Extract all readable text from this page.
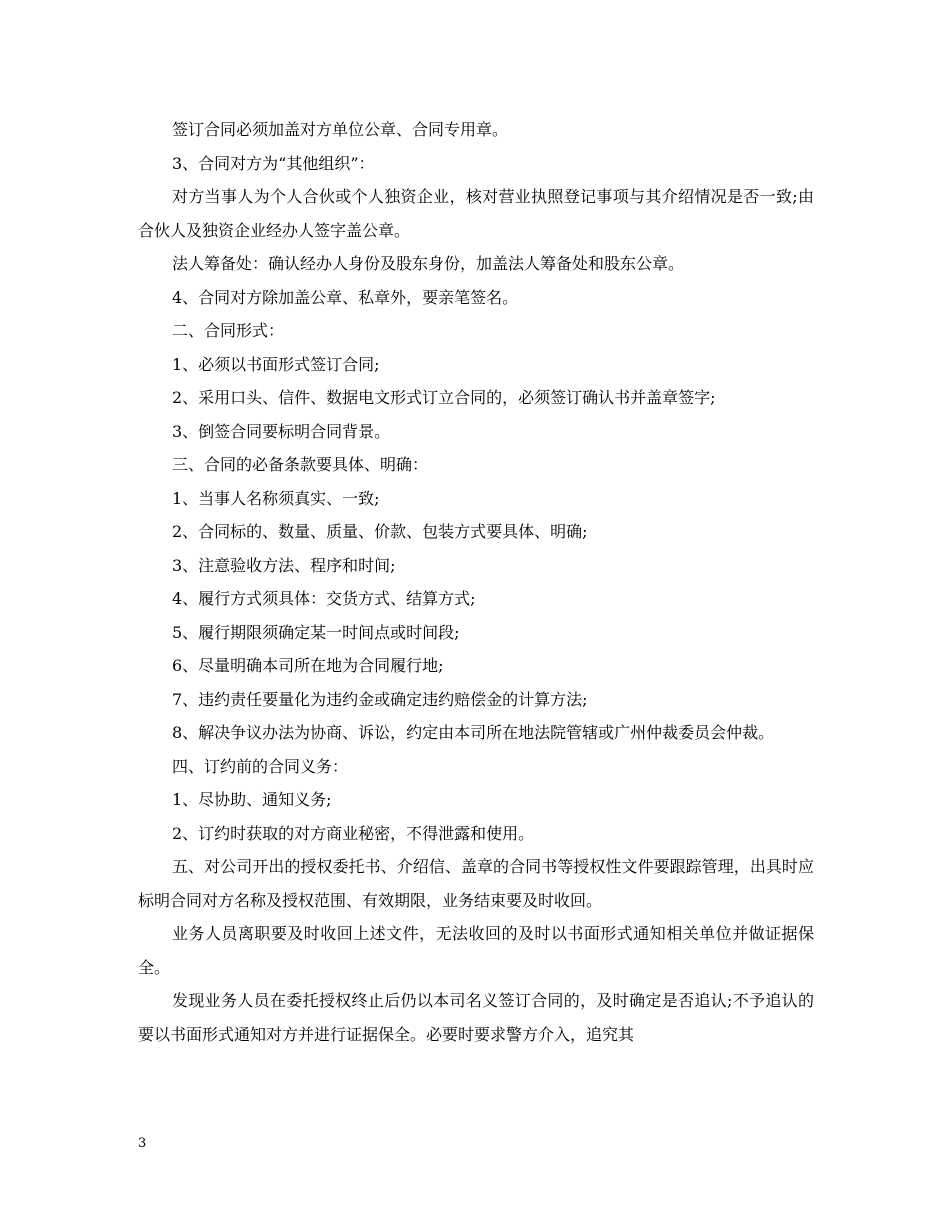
签订合同必须加盖对方单位公章、合同专用章。

3、合同对方为“其他组织”：

对方当事人为个人合伙或个人独资企业，核对营业执照登记事项与其介绍情况是否一致;由合伙人及独资企业经办人签字盖公章。

法人筹备处：确认经办人身份及股东身份，加盖法人筹备处和股东公章。

4、合同对方除加盖公章、私章外，要亲笔签名。

二、合同形式：

1、必须以书面形式签订合同;

2、采用口头、信件、数据电文形式订立合同的，必须签订确认书并盖章签字;

3、倒签合同要标明合同背景。

三、合同的必备条款要具体、明确：

1、当事人名称须真实、一致;

2、合同标的、数量、质量、价款、包装方式要具体、明确;

3、注意验收方法、程序和时间;

4、履行方式须具体：交货方式、结算方式;

5、履行期限须确定某一时间点或时间段;

6、尽量明确本司所在地为合同履行地;

7、违约责任要量化为违约金或确定违约赔偿金的计算方法;

8、解决争议办法为协商、诉讼，约定由本司所在地法院管辖或广州仲裁委员会仲裁。

四、订约前的合同义务：

1、尽协助、通知义务;

2、订约时获取的对方商业秘密，不得泄露和使用。

五、对公司开出的授权委托书、介绍信、盖章的合同书等授权性文件要跟踪管理，出具时应标明合同对方名称及授权范围、有效期限，业务结束要及时收回。

业务人员离职要及时收回上述文件，无法收回的及时以书面形式通知相关单位并做证据保全。

发现业务人员在委托授权终止后仍以本司名义签订合同的，及时确定是否追认;不予追认的要以书面形式通知对方并进行证据保全。必要时要求警方介入，追究其

3
